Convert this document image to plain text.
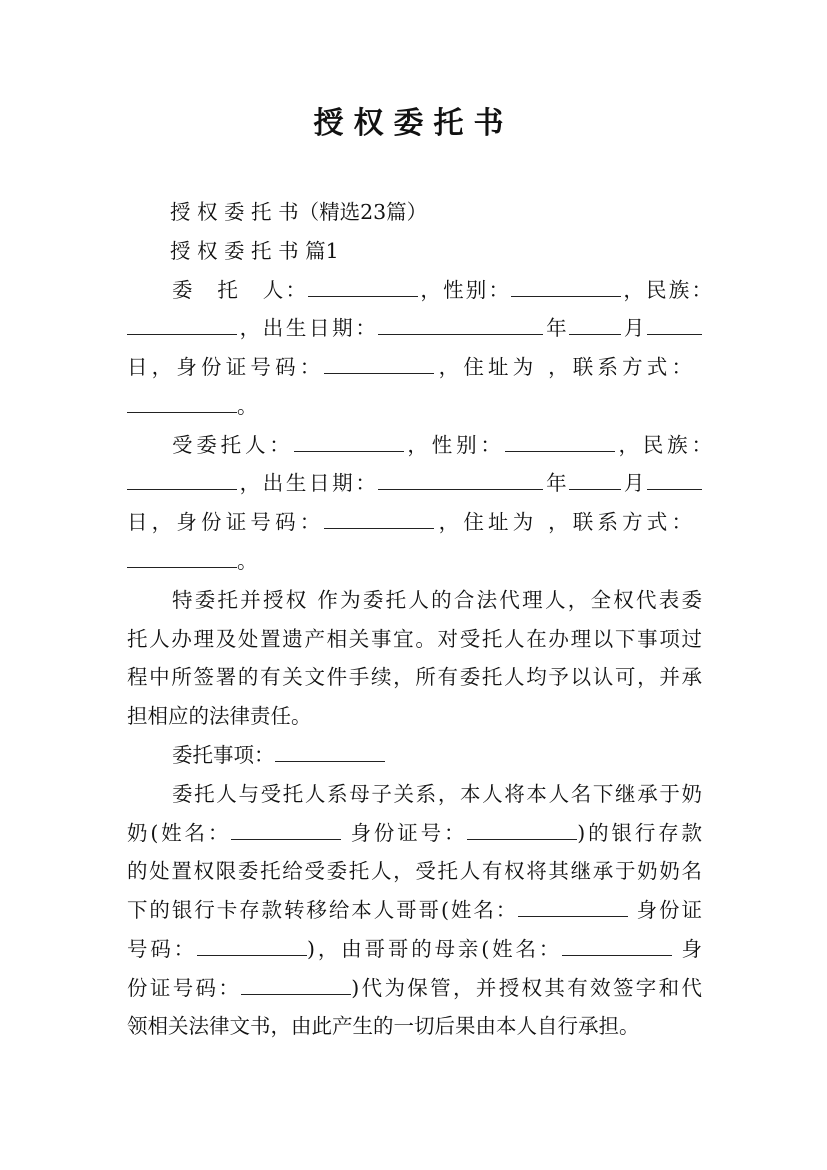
授权委托书
授 权 委 托 书（精选23篇）
授 权 委 托 书 篇1
委　托　人：	，性别：	，民族：
，出生日期：	年	月
日，身份证号码：	，住址为 ，联系方式：
。
受委托人：	，性别：	，民族：
，出生日期：	年	月
日，身份证号码：	，住址为 ，联系方式：
。
特委托并授权 作为委托人的合法代理人，全权代表委
托人办理及处置遗产相关事宜。对受托人在办理以下事项过
程中所签署的有关文件手续，所有委托人均予以认可，并承
担相应的法律责任。
委托事项：
委托人与受托人系母子关系，本人将本人名下继承于奶
奶(姓名：	身份证号：	)的银行存款
的处置权限委托给受委托人，受托人有权将其继承于奶奶名
下的银行卡存款转移给本人哥哥(姓名：	身份证
号码：	)，由哥哥的母亲(姓名：	身
份证号码：	)代为保管，并授权其有效签字和代
领相关法律文书，由此产生的一切后果由本人自行承担。
